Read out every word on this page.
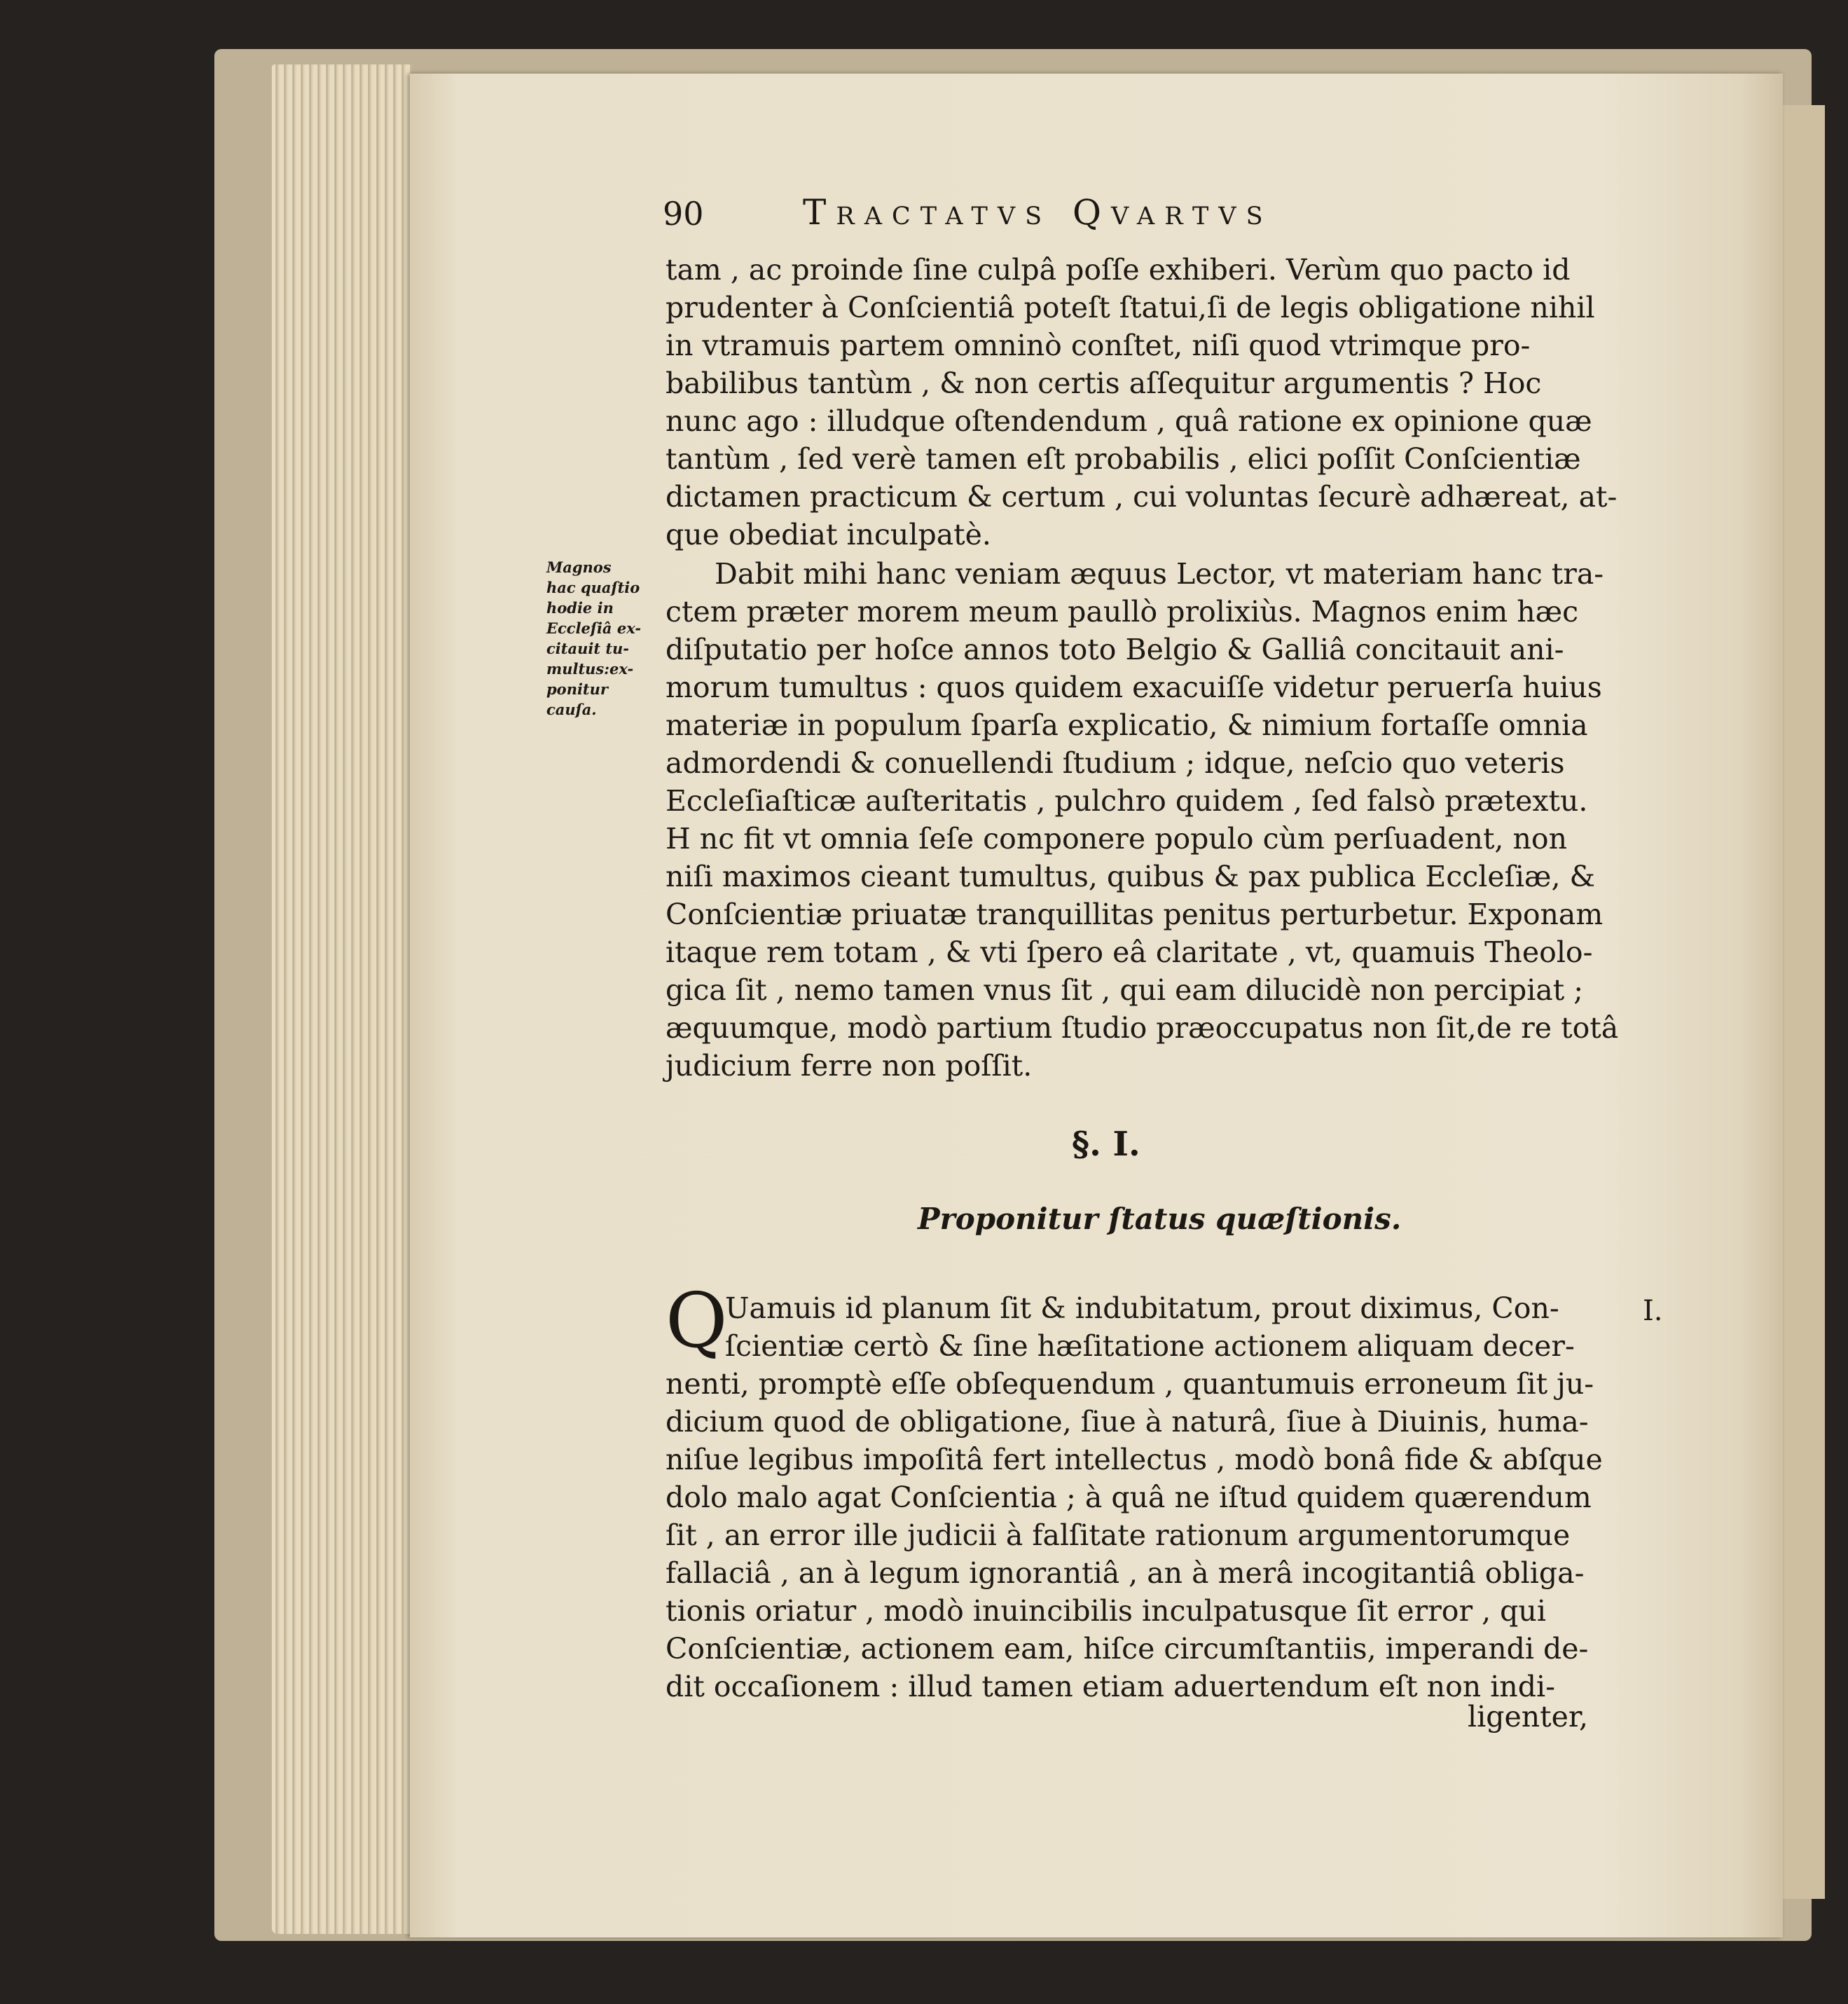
90	Tractatvs Qvartvs
tam , ac proinde ſine culpâ poſſe exhiberi. Verùm quo pacto id
prudenter à Conſcientiâ poteſt ſtatui,ſi de legis obligatione nihil
in vtramuis partem omninò conſtet, niſi quod vtrimque pro-
babilibus tantùm , & non certis aſſequitur argumentis ? Hoc
nunc ago : illudque oſtendendum , quâ ratione ex opinione quæ
tantùm , ſed verè tamen eſt probabilis , elici poſſit Conſcientiæ
dictamen practicum & certum , cui voluntas ſecurè adhæreat, at-
que obediat inculpatè.
Dabit mihi hanc veniam æquus Lector, vt materiam hanc tra-
ctem præter morem meum paullò prolixiùs. Magnos enim hæc
diſputatio per hoſce annos toto Belgio & Galliâ concitauit ani-
morum tumultus : quos quidem exacuiſſe videtur peruerſa huius
materiæ in populum ſparſa explicatio, & nimium fortaſſe omnia
admordendi & conuellendi ſtudium ; idque, neſcio quo veteris
Eccleſiaſticæ auſteritatis , pulchro quidem , ſed falsò prætextu.
H nc fit vt omnia ſeſe componere populo cùm perſuadent, non
niſi maximos cieant tumultus, quibus & pax publica Eccleſiæ, &
Conſcientiæ priuatæ tranquillitas penitus perturbetur. Exponam
itaque rem totam , & vti ſpero eâ claritate , vt, quamuis Theolo-
gica ſit , nemo tamen vnus ſit , qui eam dilucidè non percipiat ;
æquumque, modò partium ſtudio præoccupatus non ſit,de re totâ
judicium ferre non poſſit.
Magnos
hac quaſtio
hodie in
Eccleſiâ ex-
citauit tu-
multus:ex-
ponitur
cauſa.
§. I.
Proponitur ſtatus quæſtionis.
Q	I.
Uamuis id planum ſit & indubitatum, prout diximus, Con-
ſcientiæ certò & ſine hæſitatione actionem aliquam decer-
nenti, promptè eſſe obſequendum , quantumuis erroneum ſit ju-
dicium quod de obligatione, ſiue à naturâ, ſiue à Diuinis, huma-
niſue legibus impoſitâ fert intellectus , modò bonâ fide & abſque
dolo malo agat Conſcientia ; à quâ ne iſtud quidem quærendum
ſit , an error ille judicii à falſitate rationum argumentorumque
fallaciâ , an à legum ignorantiâ , an à merâ incogitantiâ obliga-
tionis oriatur , modò inuincibilis inculpatusque ſit error , qui
Conſcientiæ, actionem eam, hiſce circumſtantiis, imperandi de-
dit occaſionem : illud tamen etiam aduertendum eſt non indi-
ligenter,
